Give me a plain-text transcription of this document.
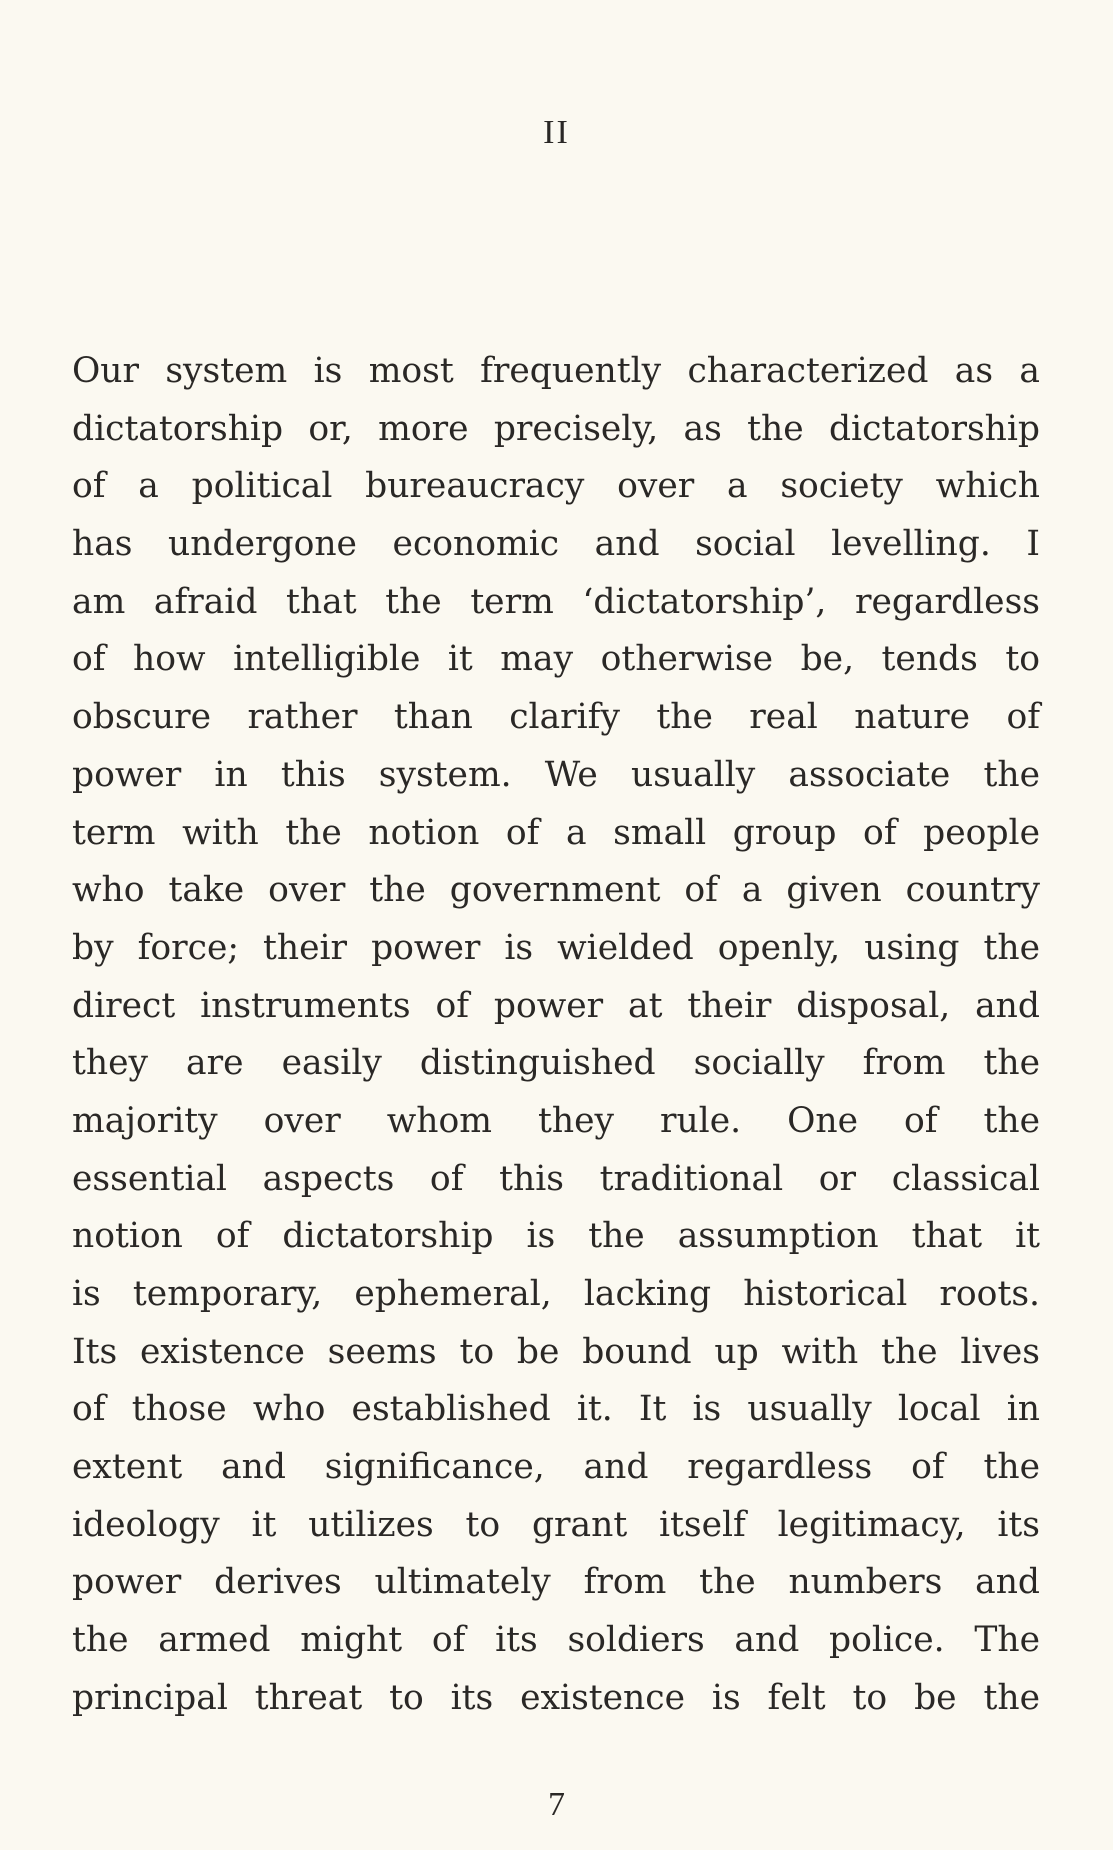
II
Our system is most frequently characterized as a
dictatorship or, more precisely, as the dictatorship
of a political bureaucracy over a society which
has undergone economic and social levelling. I
am afraid that the term ‘dictatorship’, regardless
of how intelligible it may otherwise be, tends to
obscure rather than clarify the real nature of
power in this system. We usually associate the
term with the notion of a small group of people
who take over the government of a given country
by force; their power is wielded openly, using the
direct instruments of power at their disposal, and
they are easily distinguished socially from the
majority over whom they rule. One of the
essential aspects of this traditional or classical
notion of dictatorship is the assumption that it
is temporary, ephemeral, lacking historical roots.
Its existence seems to be bound up with the lives
of those who established it. It is usually local in
extent and significance, and regardless of the
ideology it utilizes to grant itself legitimacy, its
power derives ultimately from the numbers and
the armed might of its soldiers and police. The
principal threat to its existence is felt to be the
7
